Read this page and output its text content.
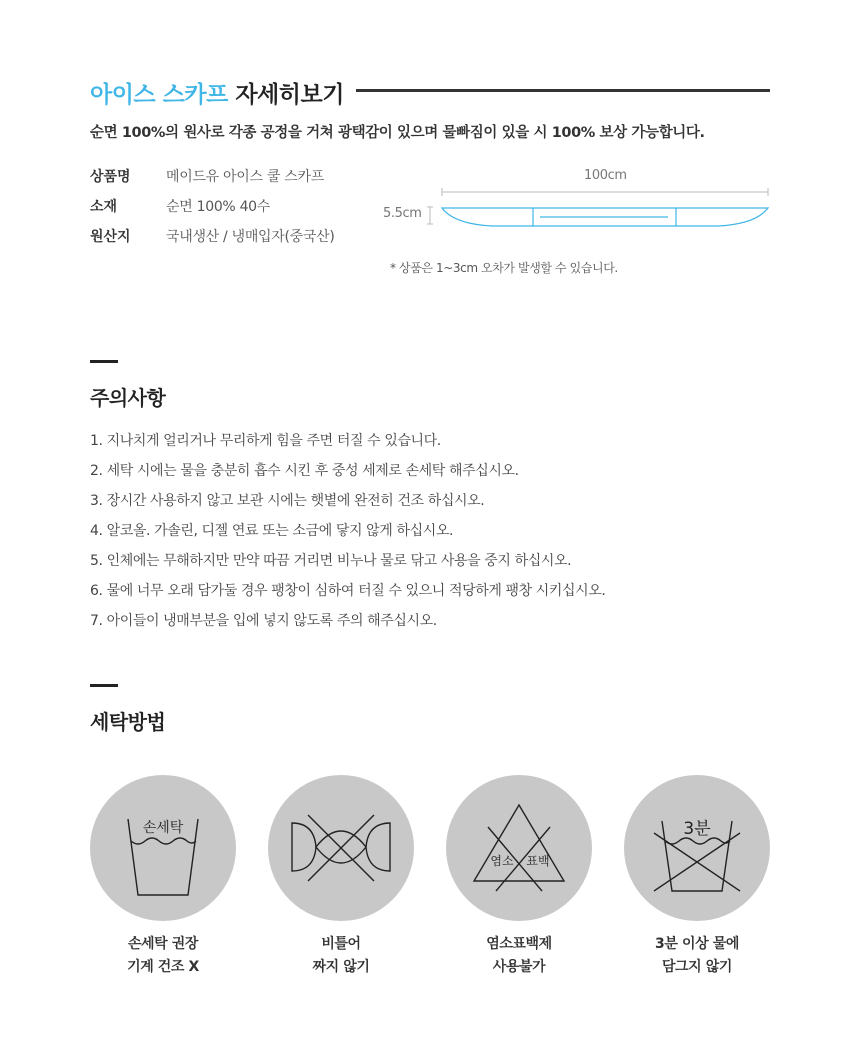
아이스 스카프 자세히보기
순면 100%의 원사로 각종 공정을 거쳐 광택감이 있으며 물빠짐이 있을 시 100% 보상 가능합니다.
상품명	메이드유 아이스 쿨 스카프
소재	순면 100% 40수
원산지	국내생산 / 냉매입자(중국산)
100cm
5.5cm
* 상품은 1~3cm 오차가 발생할 수 있습니다.
주의사항
1. 지나치게 얼리거나 무리하게 힘을 주면 터질 수 있습니다.
2. 세탁 시에는 물을 충분히 흡수 시킨 후 중성 세제로 손세탁 해주십시오.
3. 장시간 사용하지 않고 보관 시에는 햇볕에 완전히 건조 하십시오.
4. 알코올. 가솔린, 디젤 연료 또는 소금에 닿지 않게 하십시오.
5. 인체에는 무해하지만 만약 따끔 거리면 비누나 물로 닦고 사용을 중지 하십시오.
6. 물에 너무 오래 담가둘 경우 팽창이 심하여 터질 수 있으니 적당하게 팽창 시키십시오.
7. 아이들이 냉매부분을 입에 넣지 않도록 주의 해주십시오.
세탁방법
손세탁
손세탁 권장
기계 건조 X
비틀어
짜지 않기
염소 표백
염소표백제
사용불가
3분
3분 이상 물에
담그지 않기
